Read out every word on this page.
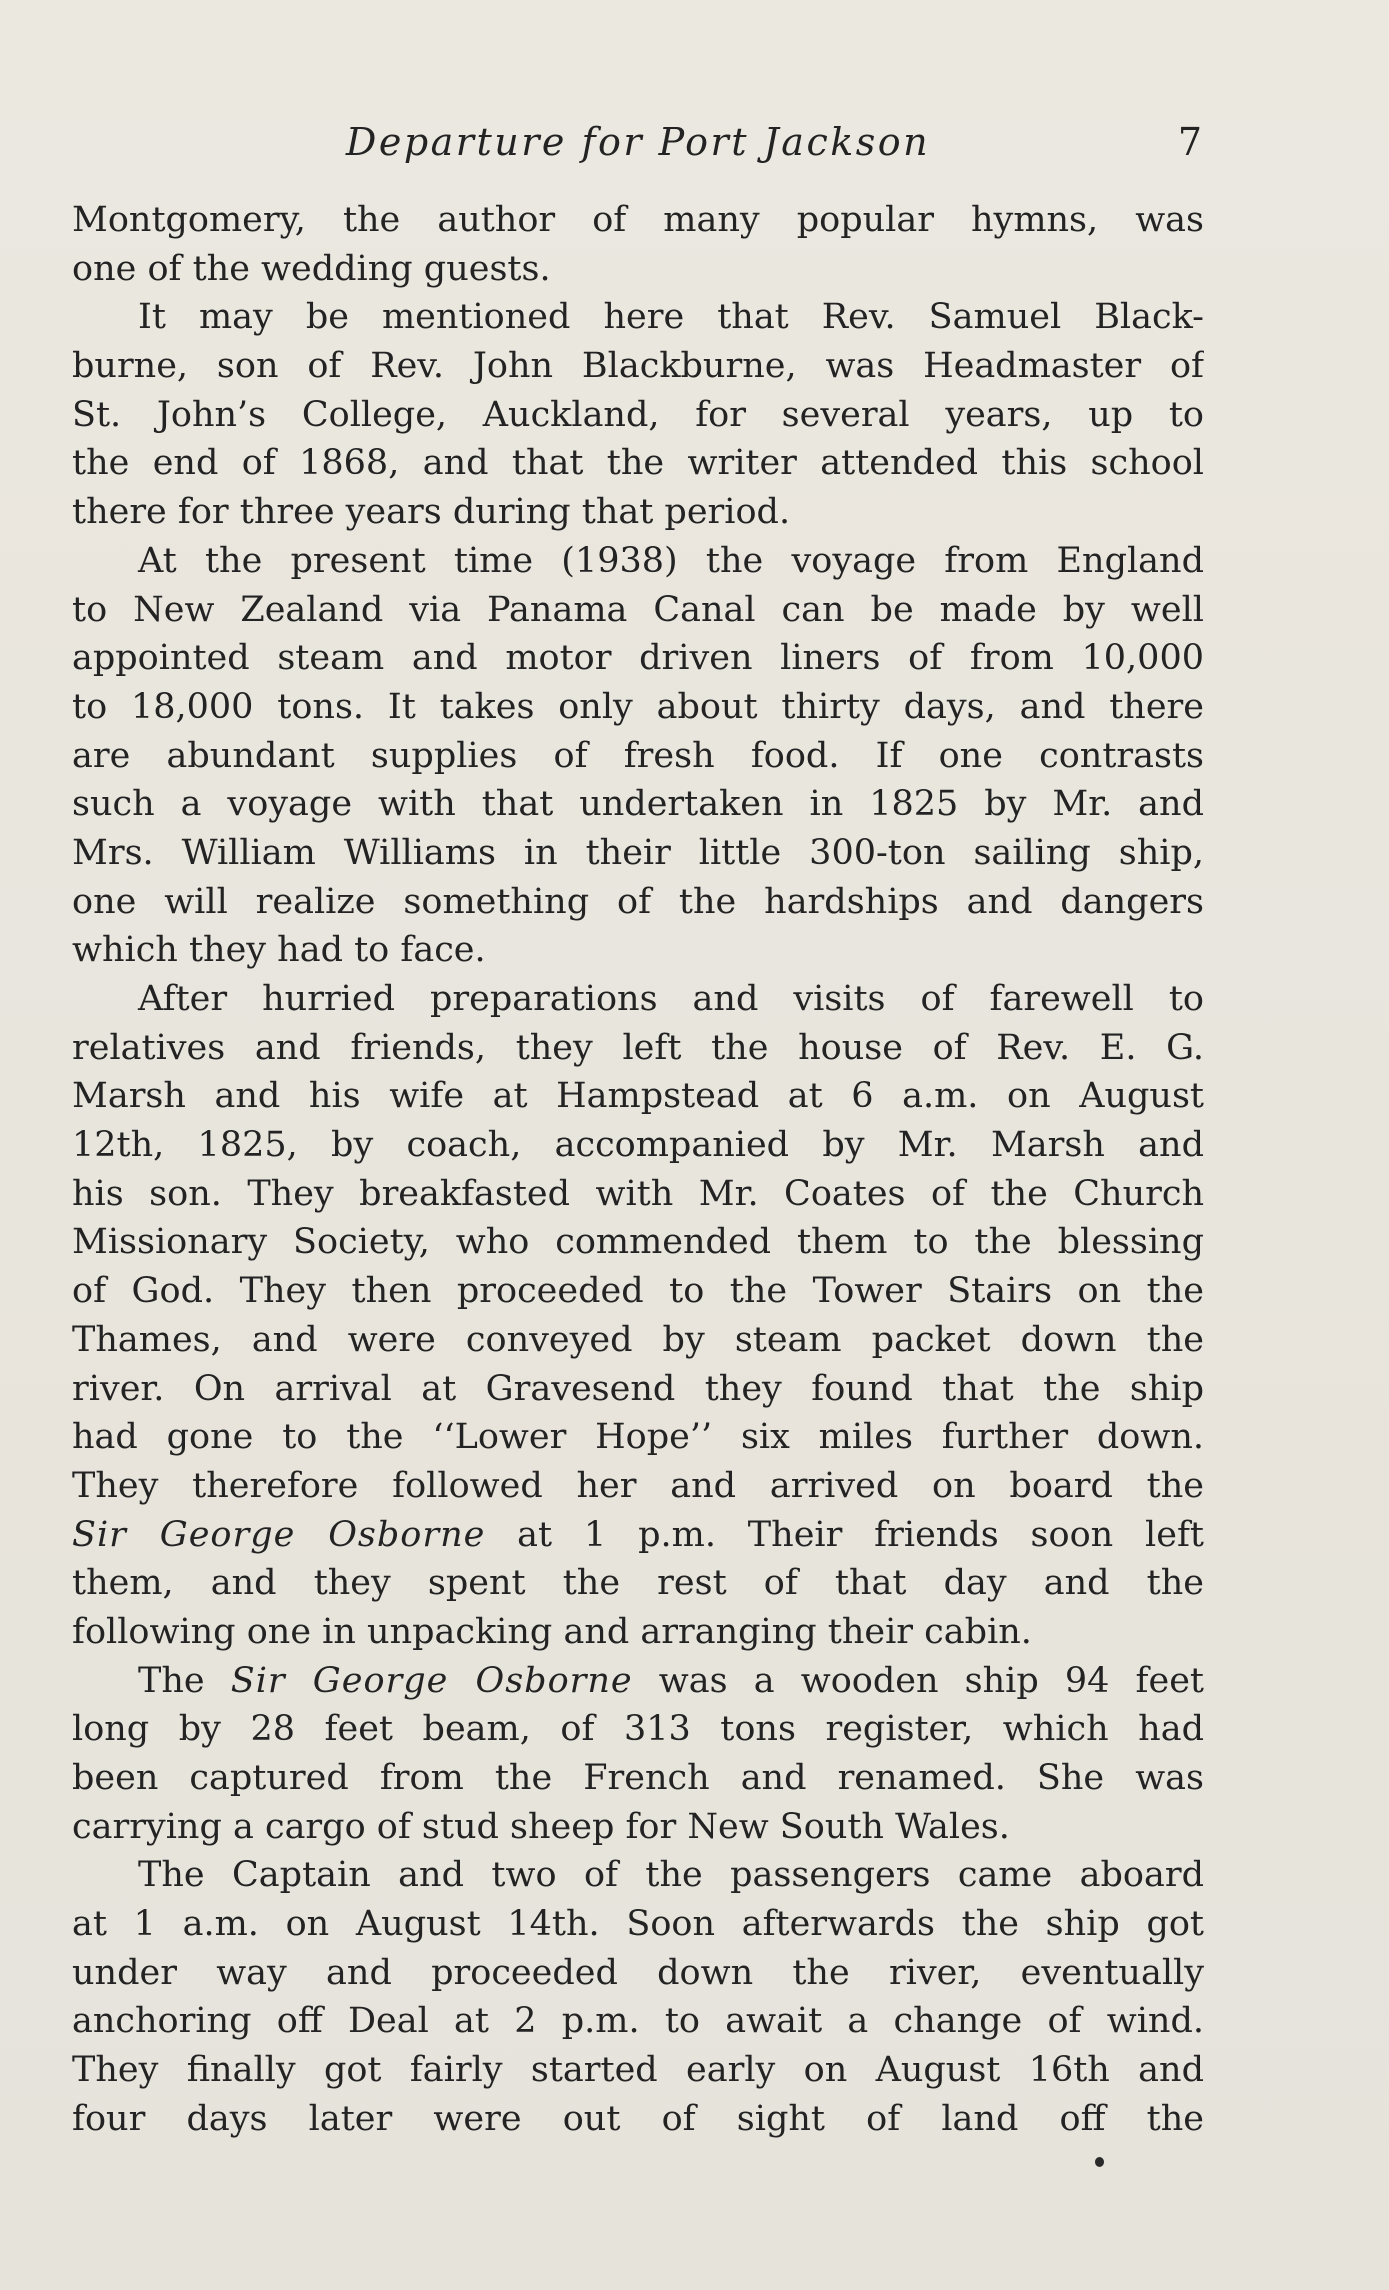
Departure for Port Jackson	7
Montgomery, the author of many popular hymns, was
one of the wedding guests.
It may be mentioned here that Rev. Samuel Black-
burne, son of Rev. John Blackburne, was Headmaster of
St. John’s College, Auckland, for several years, up to
the end of 1868, and that the writer attended this school
there for three years during that period.
At the present time (1938) the voyage from England
to New Zealand via Panama Canal can be made by well
appointed steam and motor driven liners of from 10,000
to 18,000 tons. It takes only about thirty days, and there
are abundant supplies of fresh food. If one contrasts
such a voyage with that undertaken in 1825 by Mr. and
Mrs. William Williams in their little 300-ton sailing ship,
one will realize something of the hardships and dangers
which they had to face.
After hurried preparations and visits of farewell to
relatives and friends, they left the house of Rev. E. G.
Marsh and his wife at Hampstead at 6 a.m. on August
12th, 1825, by coach, accompanied by Mr. Marsh and
his son. They breakfasted with Mr. Coates of the Church
Missionary Society, who commended them to the blessing
of God. They then proceeded to the Tower Stairs on the
Thames, and were conveyed by steam packet down the
river. On arrival at Gravesend they found that the ship
had gone to the ‘‘Lower Hope’’ six miles further down.
They therefore followed her and arrived on board the
Sir George Osborne at 1 p.m. Their friends soon left
them, and they spent the rest of that day and the
following one in unpacking and arranging their cabin.
The Sir George Osborne was a wooden ship 94 feet
long by 28 feet beam, of 313 tons register, which had
been captured from the French and renamed. She was
carrying a cargo of stud sheep for New South Wales.
The Captain and two of the passengers came aboard
at 1 a.m. on August 14th. Soon afterwards the ship got
under way and proceeded down the river, eventually
anchoring off Deal at 2 p.m. to await a change of wind.
They finally got fairly started early on August 16th and
four days later were out of sight of land off the
